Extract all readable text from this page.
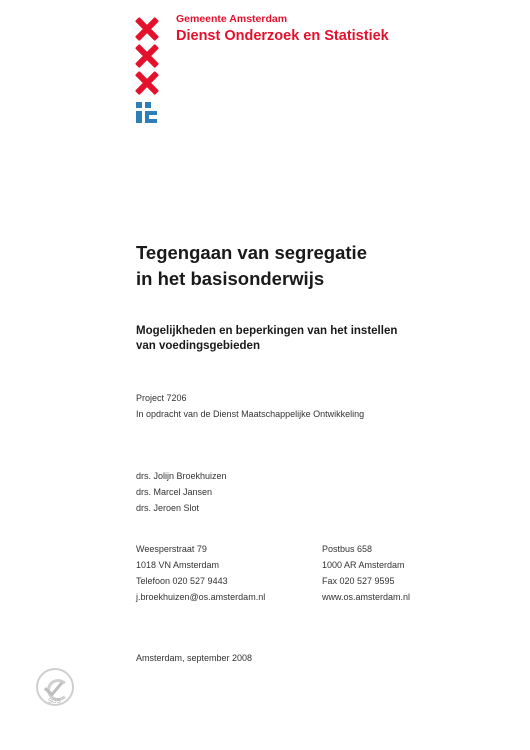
Gemeente Amsterdam
Dienst Onderzoek en Statistiek
Tegengaan van segregatie
in het basisonderwijs
Mogelijkheden en beperkingen van het instellen
van voedingsgebieden
Project 7206
In opdracht van de Dienst Maatschappelijke Ontwikkeling
drs. Jolijn Broekhuizen
drs. Marcel Jansen
drs. Jeroen Slot
Weesperstraat 79
1018 VN Amsterdam
Telefoon 020 527 9443
j.broekhuizen@os.amsterdam.nl
Postbus 658
1000 AR Amsterdam
Fax 020 527 9595
www.os.amsterdam.nl
Amsterdam, september 2008
SGS
